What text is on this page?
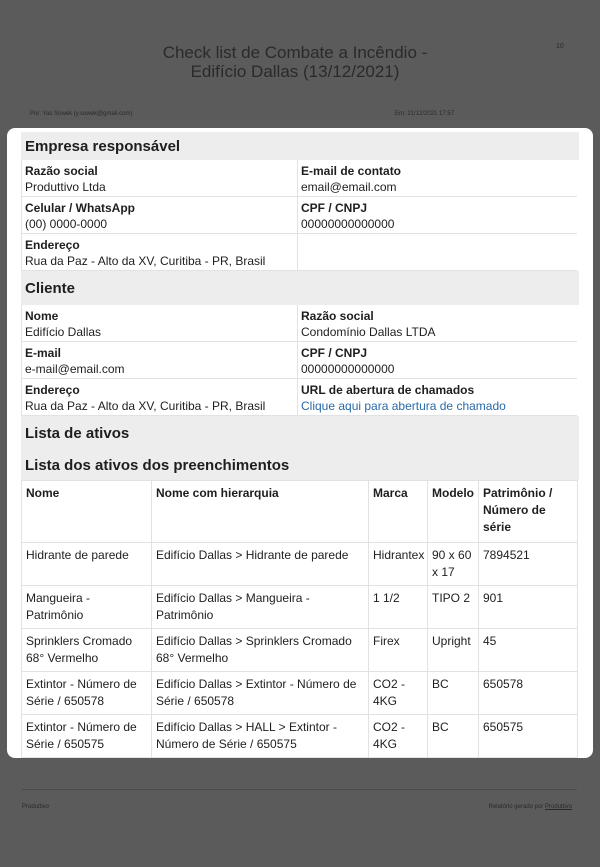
Check list de Combate a Incêndio - Edifício Dallas (13/12/2021)
10
Por: Yas Sowek (y.sowek@gmail.com)	Em: 21/12/2021 17:57
Empresa responsável
Razão social
Produttivo Ltda
E-mail de contato
email@email.com
Celular / WhatsApp
(00) 0000-0000
CPF / CNPJ
00000000000000
Endereço
Rua da Paz - Alto da XV, Curitiba - PR, Brasil
Cliente
Nome
Edifício Dallas
Razão social
Condomínio Dallas LTDA
E-mail
e-mail@email.com
CPF / CNPJ
00000000000000
Endereço
Rua da Paz - Alto da XV, Curitiba - PR, Brasil
URL de abertura de chamados
Clique aqui para abertura de chamado
Lista de ativos
Lista dos ativos dos preenchimentos
Nome	Nome com hierarquia	Marca	Modelo	Patrimônio / Número de série
Hidrante de parede	Edifício Dallas > Hidrante de parede	Hidrantex	90 x 60 x 17	7894521
Mangueira - Patrimônio	Edifício Dallas > Mangueira - Patrimônio	1 1/2	TIPO 2	901
Sprinklers Cromado 68° Vermelho	Edifício Dallas > Sprinklers Cromado 68° Vermelho	Firex	Upright	45
Extintor - Número de Série / 650578	Edifício Dallas > Extintor - Número de Série / 650578	CO2 - 4KG	BC	650578
Extintor - Número de Série / 650575	Edifício Dallas > HALL > Extintor - Número de Série / 650575	CO2 - 4KG	BC	650575
Produttivo	Relatório gerado por Produttivo
